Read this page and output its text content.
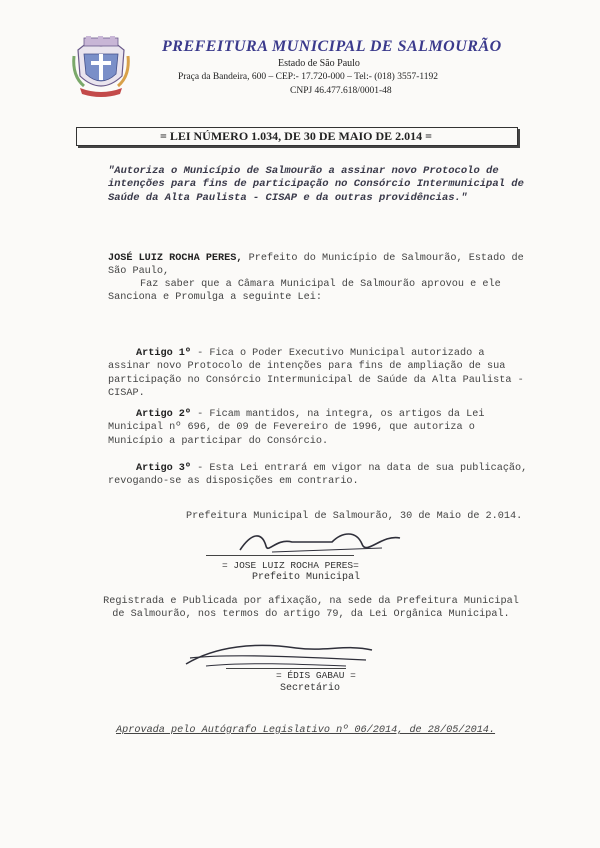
PREFEITURA MUNICIPAL DE SALMOURÃO
Estado de São Paulo
Praça da Bandeira, 600 – CEP:- 17.720-000 – Tel:- (018) 3557-1192
CNPJ 46.477.618/0001-48
= LEI NÚMERO 1.034, DE 30 DE MAIO DE 2.014 =
"Autoriza o Município de Salmourão a assinar novo Protocolo de intenções para fins de participação no Consórcio Intermunicipal de Saúde da Alta Paulista - CISAP e da outras providências."
JOSÉ LUIZ ROCHA PERES, Prefeito do Município de Salmourão, Estado de São Paulo,
Faz saber que a Câmara Municipal de Salmourão aprovou e ele Sanciona e Promulga a seguinte Lei:
Artigo 1º - Fica o Poder Executivo Municipal autorizado a assinar novo Protocolo de intenções para fins de ampliação de sua participação no Consórcio Intermunicipal de Saúde da Alta Paulista - CISAP.
Artigo 2º - Ficam mantidos, na integra, os artigos da Lei Municipal nº 696, de 09 de Fevereiro de 1996, que autoriza o Município a participar do Consórcio.
Artigo 3º - Esta Lei entrará em vigor na data de sua publicação, revogando-se as disposições em contrario.
Prefeitura Municipal de Salmourão, 30 de Maio de 2.014.
= JOSE LUIZ ROCHA PERES=
Prefeito Municipal
Registrada e Publicada por afixação, na sede da Prefeitura Municipal de Salmourão, nos termos do artigo 79, da Lei Orgânica Municipal.
= ÉDIS GABAU =
Secretário
Aprovada pelo Autógrafo Legislativo nº 06/2014, de 28/05/2014.
